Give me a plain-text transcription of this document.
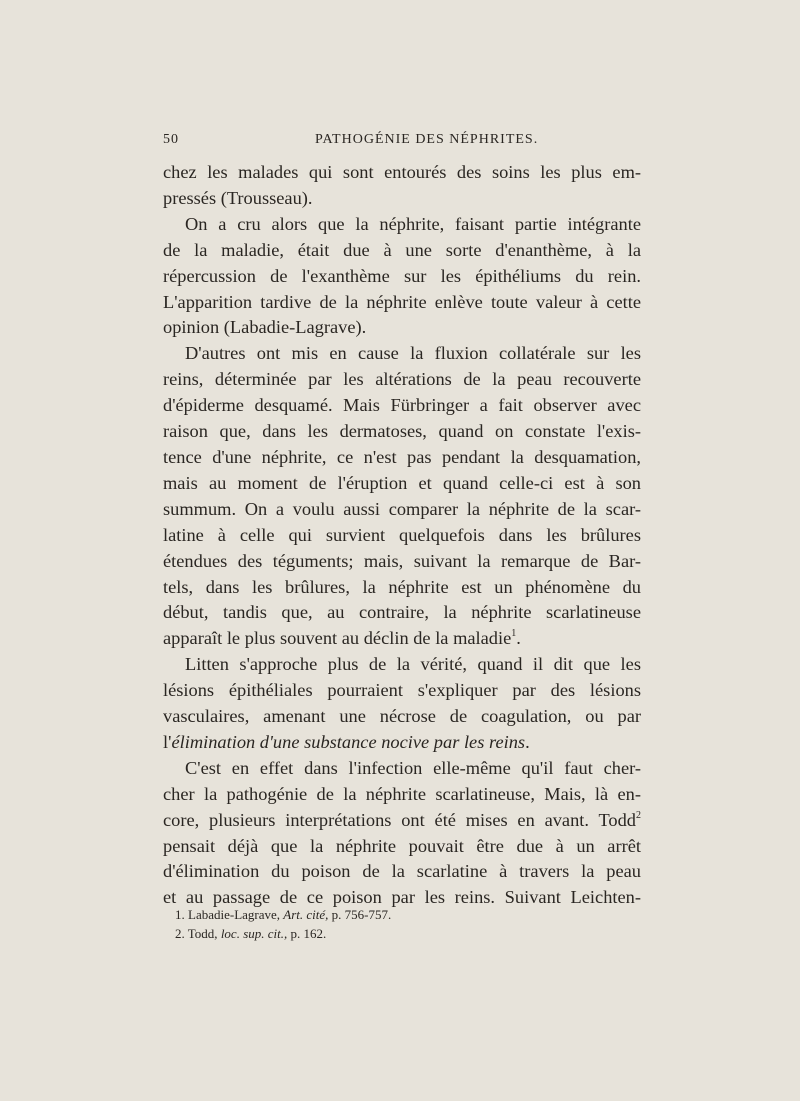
50	PATHOGÉNIE DES NÉPHRITES.
chez les malades qui sont entourés des soins les plus em-
pressés (Trousseau).
On a cru alors que la néphrite, faisant partie intégrante
de la maladie, était due à une sorte d'enanthème, à la
répercussion de l'exanthème sur les épithéliums du rein.
L'apparition tardive de la néphrite enlève toute valeur à cette
opinion (Labadie-Lagrave).
D'autres ont mis en cause la fluxion collatérale sur les
reins, déterminée par les altérations de la peau recouverte
d'épiderme desquamé. Mais Fürbringer a fait observer avec
raison que, dans les dermatoses, quand on constate l'exis-
tence d'une néphrite, ce n'est pas pendant la desquamation,
mais au moment de l'éruption et quand celle-ci est à son
summum. On a voulu aussi comparer la néphrite de la scar-
latine à celle qui survient quelquefois dans les brûlures
étendues des téguments; mais, suivant la remarque de Bar-
tels, dans les brûlures, la néphrite est un phénomène du
début, tandis que, au contraire, la néphrite scarlatineuse
apparaît le plus souvent au déclin de la maladie$^1$.
Litten s'approche plus de la vérité, quand il dit que les
lésions épithéliales pourraient s'expliquer par des lésions
vasculaires, amenant une nécrose de coagulation, ou par
l'élimination d'une substance nocive par les reins.
C'est en effet dans l'infection elle-même qu'il faut cher-
cher la pathogénie de la néphrite scarlatineuse, Mais, là en-
core, plusieurs interprétations ont été mises en avant. Todd$^2$
pensait déjà que la néphrite pouvait être due à un arrêt
d'élimination du poison de la scarlatine à travers la peau
et au passage de ce poison par les reins. Suivant Leichten-
1. Labadie-Lagrave, Art. cité, p. 756-757.
2. Todd, loc. sup. cit., p. 162.
